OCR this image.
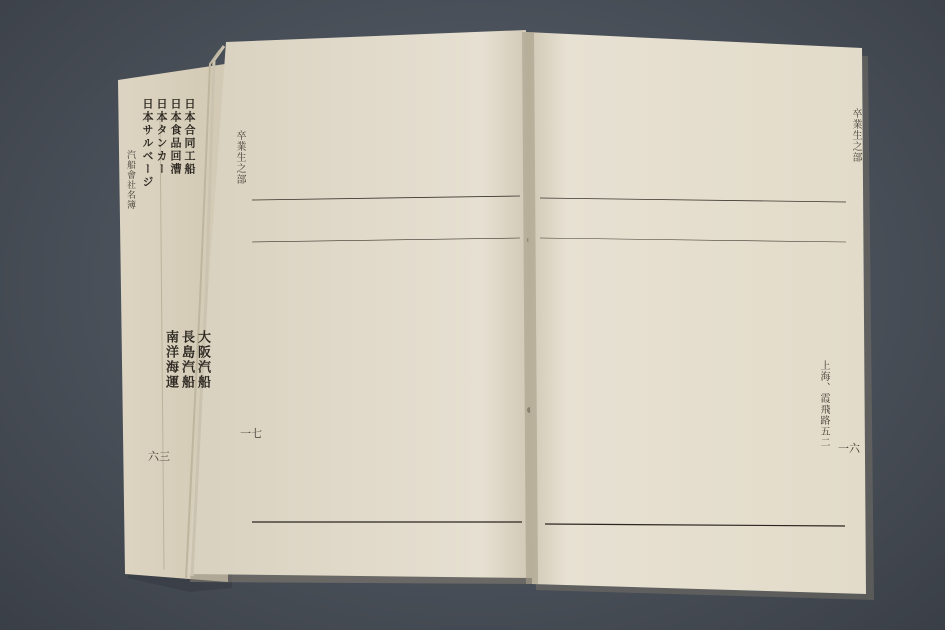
日本合同工船
日本食品回漕
日本タンカー
日本サルベージ
汽船會社名簿
大阪汽船
長島汽船
南洋海運
六三
卒業生之部
一七
卒業生之部
上海、霞飛路五二
一六
